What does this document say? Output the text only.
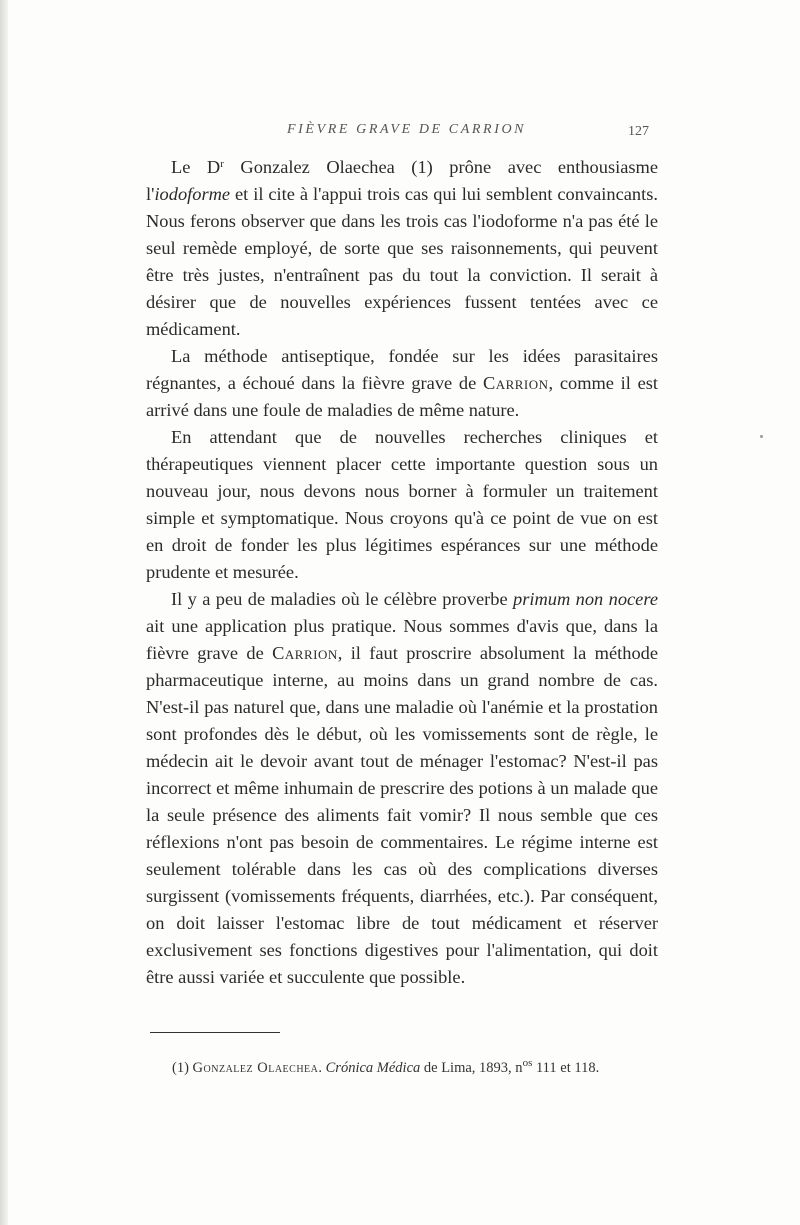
FIÈVRE GRAVE DE CARRION	127

Le $D^r$ Gonzalez Olaechea (1) prône avec enthousiasme l'iodoforme et il cite à l'appui trois cas qui lui semblent convaincants. Nous ferons observer que dans les trois cas l'iodoforme n'a pas été le seul remède employé, de sorte que ses raisonnements, qui peuvent être très justes, n'entraînent pas du tout la conviction. Il serait à désirer que de nouvelles expériences fussent tentées avec ce médicament.

La méthode antiseptique, fondée sur les idées parasitaires régnantes, a échoué dans la fièvre grave de Carrion, comme il est arrivé dans une foule de maladies de même nature.

En attendant que de nouvelles recherches cliniques et thérapeutiques viennent placer cette importante question sous un nouveau jour, nous devons nous borner à formuler un traitement simple et symptomatique. Nous croyons qu'à ce point de vue on est en droit de fonder les plus légitimes espérances sur une méthode prudente et mesurée.

Il y a peu de maladies où le célèbre proverbe primum non nocere ait une application plus pratique. Nous sommes d'avis que, dans la fièvre grave de Carrion, il faut proscrire absolument la méthode pharmaceutique interne, au moins dans un grand nombre de cas. N'est-il pas naturel que, dans une maladie où l'anémie et la prostation sont profondes dès le début, où les vomissements sont de règle, le médecin ait le devoir avant tout de ménager l'estomac? N'est-il pas incorrect et même inhumain de prescrire des potions à un malade que la seule présence des aliments fait vomir? Il nous semble que ces réflexions n'ont pas besoin de commentaires. Le régime interne est seulement tolérable dans les cas où des complications diverses surgissent (vomissements fréquents, diarrhées, etc.). Par conséquent, on doit laisser l'estomac libre de tout médicament et réserver exclusivement ses fonctions digestives pour l'alimentation, qui doit être aussi variée et succulente que possible.

(1) Gonzalez Olaechea. Crónica Médica de Lima, 1893, $n^{os}$ 111 et 118.
